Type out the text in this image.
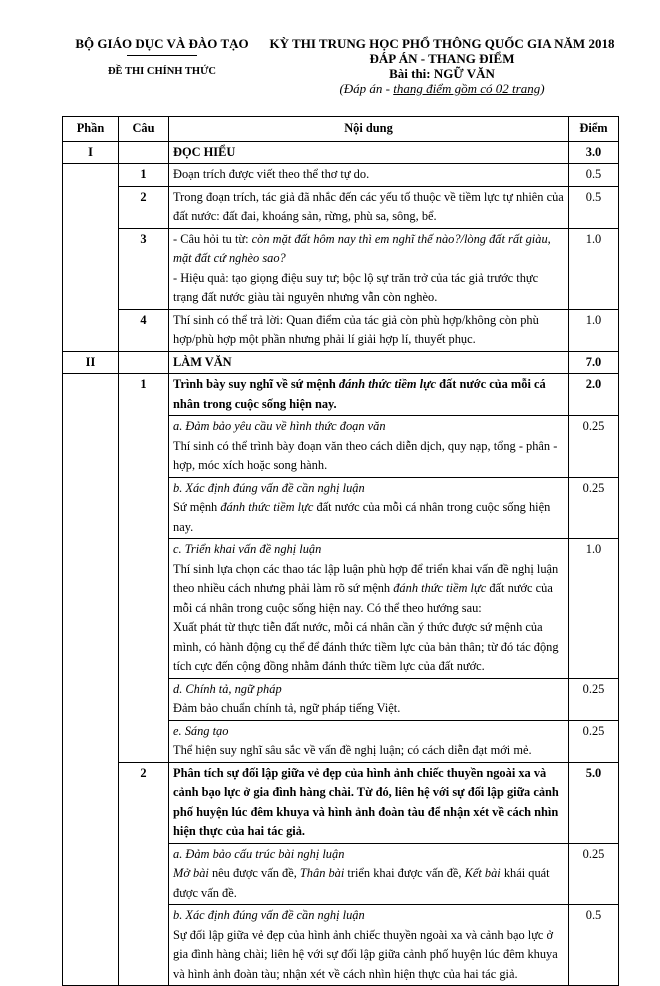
BỘ GIÁO DỤC VÀ ĐÀO TẠO
ĐỀ THI CHÍNH THỨC
KỲ THI TRUNG HỌC PHỔ THÔNG QUỐC GIA NĂM 2018
ĐÁP ÁN - THANG ĐIỂM
Bài thi: NGỮ VĂN
(Đáp án - thang điểm gồm có 02 trang)
Phần	Câu	Nội dung	Điểm
I		ĐỌC HIỂU	3.0
	1	Đoạn trích được viết theo thể thơ tự do.	0.5
	2	Trong đoạn trích, tác giả đã nhắc đến các yếu tố thuộc về tiềm lực tự nhiên của đất nước: đất đai, khoáng sản, rừng, phù sa, sông, bể.	0.5
	3	- Câu hỏi tu từ: còn mặt đất hôm nay thì em nghĩ thế nào?/lòng đất rất giàu, mặt đất cứ nghèo sao?
- Hiệu quả: tạo giọng điệu suy tư; bộc lộ sự trăn trở của tác giả trước thực trạng đất nước giàu tài nguyên nhưng vẫn còn nghèo.	1.0
	4	Thí sinh có thể trả lời: Quan điểm của tác giả còn phù hợp/không còn phù hợp/phù hợp một phần nhưng phải lí giải hợp lí, thuyết phục.	1.0
II		LÀM VĂN	7.0
	1	Trình bày suy nghĩ về sứ mệnh đánh thức tiềm lực đất nước của mỗi cá nhân trong cuộc sống hiện nay.	2.0
		a. Đảm bảo yêu cầu về hình thức đoạn văn
Thí sinh có thể trình bày đoạn văn theo cách diễn dịch, quy nạp, tổng - phân - hợp, móc xích hoặc song hành.	0.25
		b. Xác định đúng vấn đề cần nghị luận
Sứ mệnh đánh thức tiềm lực đất nước của mỗi cá nhân trong cuộc sống hiện nay.	0.25
		c. Triển khai vấn đề nghị luận
Thí sinh lựa chọn các thao tác lập luận phù hợp để triển khai vấn đề nghị luận theo nhiều cách nhưng phải làm rõ sứ mệnh đánh thức tiềm lực đất nước của mỗi cá nhân trong cuộc sống hiện nay. Có thể theo hướng sau:
Xuất phát từ thực tiễn đất nước, mỗi cá nhân cần ý thức được sứ mệnh của mình, có hành động cụ thể để đánh thức tiềm lực của bản thân; từ đó tác động tích cực đến cộng đồng nhằm đánh thức tiềm lực của đất nước.	1.0
		d. Chính tả, ngữ pháp
Đảm bảo chuẩn chính tả, ngữ pháp tiếng Việt.	0.25
		e. Sáng tạo
Thể hiện suy nghĩ sâu sắc về vấn đề nghị luận; có cách diễn đạt mới mẻ.	0.25
	2	Phân tích sự đối lập giữa vẻ đẹp của hình ảnh chiếc thuyền ngoài xa và cảnh bạo lực ở gia đình hàng chài. Từ đó, liên hệ với sự đối lập giữa cảnh phố huyện lúc đêm khuya và hình ảnh đoàn tàu để nhận xét về cách nhìn hiện thực của hai tác giả.	5.0
		a. Đảm bảo cấu trúc bài nghị luận
Mở bài nêu được vấn đề, Thân bài triển khai được vấn đề, Kết bài khái quát được vấn đề.	0.25
		b. Xác định đúng vấn đề cần nghị luận
Sự đối lập giữa vẻ đẹp của hình ảnh chiếc thuyền ngoài xa và cảnh bạo lực ở gia đình hàng chài; liên hệ với sự đối lập giữa cảnh phố huyện lúc đêm khuya và hình ảnh đoàn tàu; nhận xét về cách nhìn hiện thực của hai tác giả.	0.5
